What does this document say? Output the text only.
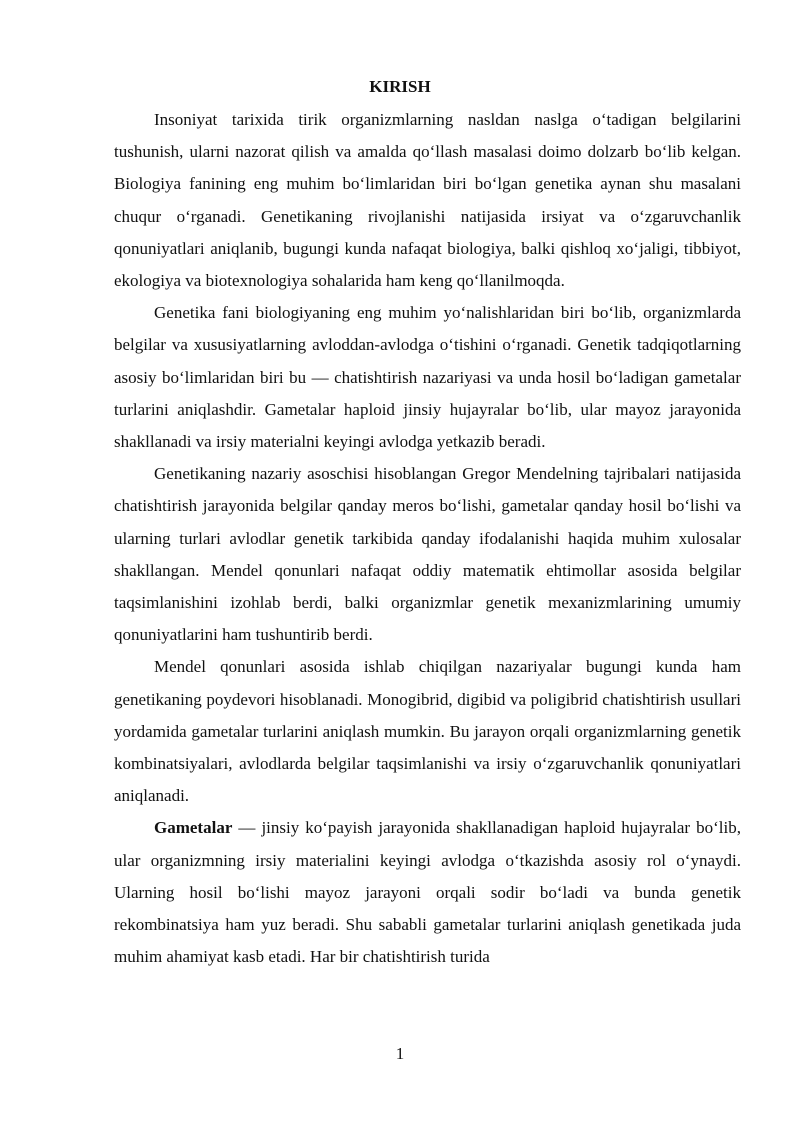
KIRISH

Insoniyat tarixida tirik organizmlarning nasldan naslga o‘tadigan belgilarini tushunish, ularni nazorat qilish va amalda qo‘llash masalasi doimo dolzarb bo‘lib kelgan. Biologiya fanining eng muhim bo‘limlaridan biri bo‘lgan genetika aynan shu masalani chuqur o‘rganadi. Genetikaning rivojlanishi natijasida irsiyat va o‘zgaruvchanlik qonuniyatlari aniqlanib, bugungi kunda nafaqat biologiya, balki qishloq xo‘jaligi, tibbiyot, ekologiya va biotexnologiya sohalarida ham keng qo‘llanilmoqda.

Genetika fani biologiyaning eng muhim yo‘nalishlaridan biri bo‘lib, organizmlarda belgilar va xususiyatlarning avloddan-avlodga o‘tishini o‘rganadi. Genetik tadqiqotlarning asosiy bo‘limlaridan biri bu — chatishtirish nazariyasi va unda hosil bo‘ladigan gametalar turlarini aniqlashdir. Gametalar haploid jinsiy hujayralar bo‘lib, ular mayoz jarayonida shakllanadi va irsiy materialni keyingi avlodga yetkazib beradi.

Genetikaning nazariy asoschisi hisoblangan Gregor Mendelning tajribalari natijasida chatishtirish jarayonida belgilar qanday meros bo‘lishi, gametalar qanday hosil bo‘lishi va ularning turlari avlodlar genetik tarkibida qanday ifodalanishi haqida muhim xulosalar shakllangan. Mendel qonunlari nafaqat oddiy matematik ehtimollar asosida belgilar taqsimlanishini izohlab berdi, balki organizmlar genetik mexanizmlarining umumiy qonuniyatlarini ham tushuntirib berdi.

Mendel qonunlari asosida ishlab chiqilgan nazariyalar bugungi kunda ham genetikaning poydevori hisoblanadi. Monogibrid, digibid va poligibrid chatishtirish usullari yordamida gametalar turlarini aniqlash mumkin. Bu jarayon orqali organizmlarning genetik kombinatsiyalari, avlodlarda belgilar taqsimlanishi va irsiy o‘zgaruvchanlik qonuniyatlari aniqlanadi.

Gametalar — jinsiy ko‘payish jarayonida shakllanadigan haploid hujayralar bo‘lib, ular organizmning irsiy materialini keyingi avlodga o‘tkazishda asosiy rol o‘ynaydi. Ularning hosil bo‘lishi mayoz jarayoni orqali sodir bo‘ladi va bunda genetik rekombinatsiya ham yuz beradi. Shu sababli gametalar turlarini aniqlash genetikada juda muhim ahamiyat kasb etadi. Har bir chatishtirish turida

1
